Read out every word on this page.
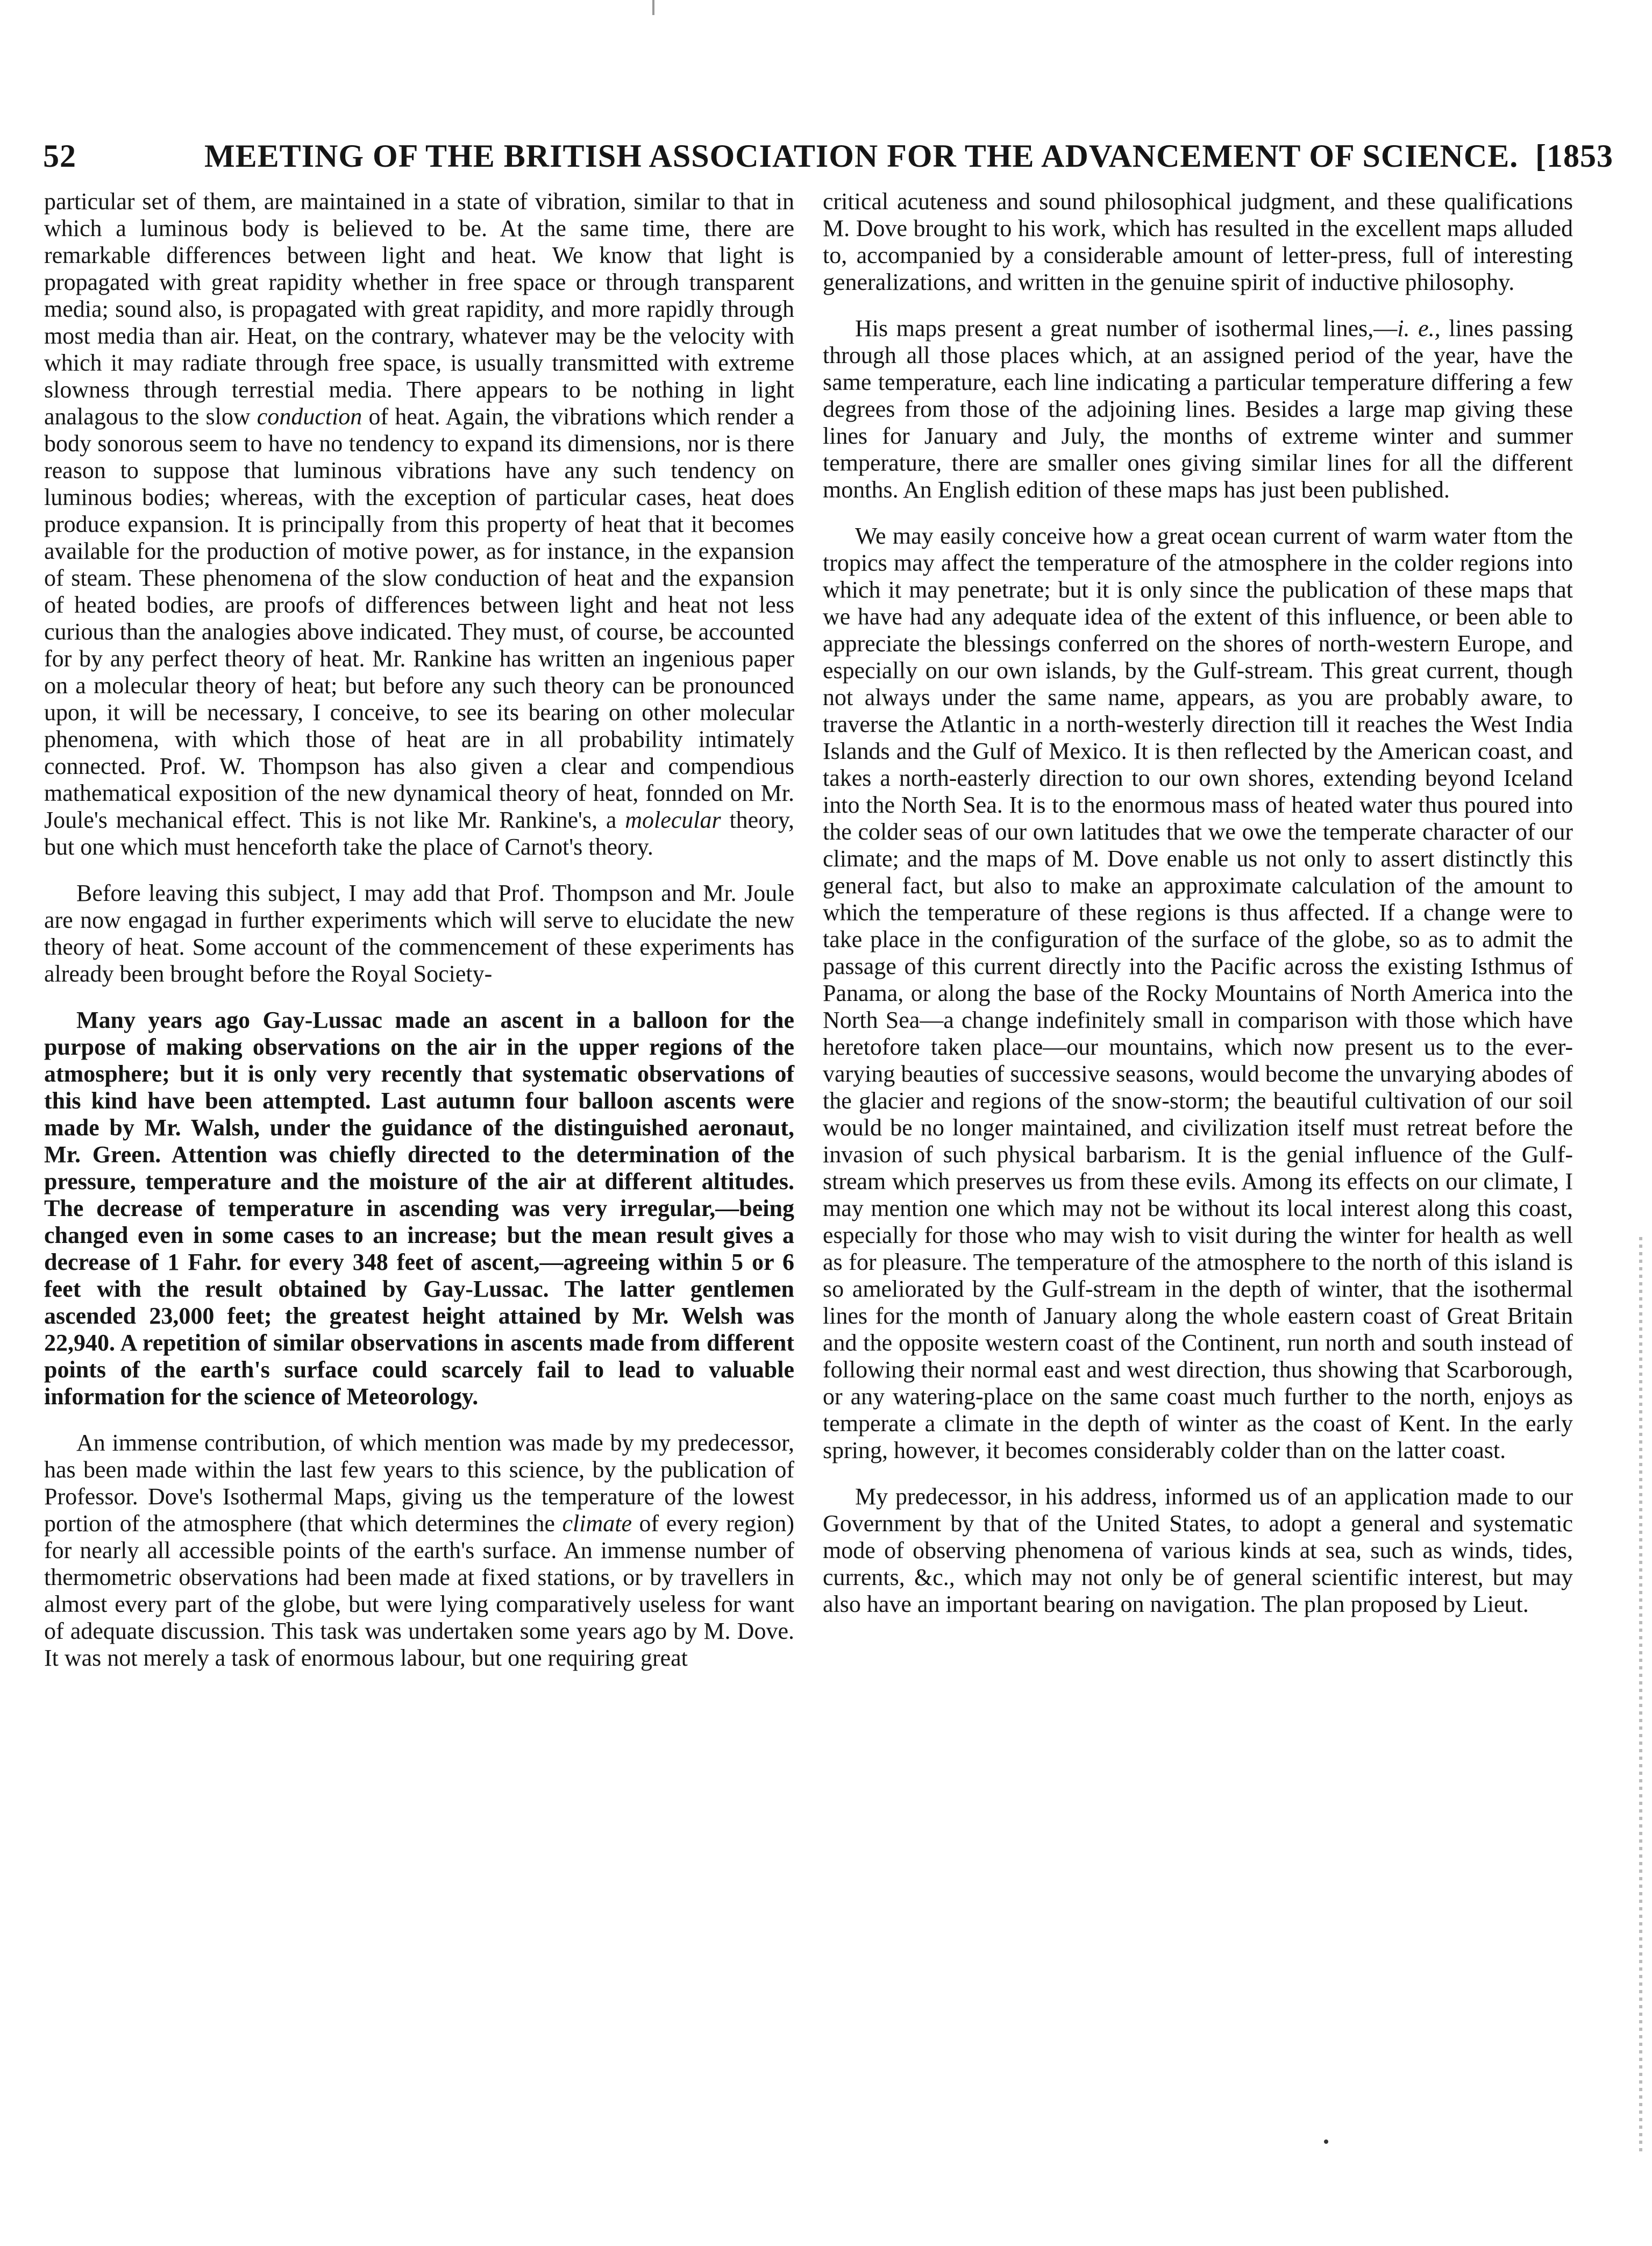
52	MEETING OF THE BRITISH ASSOCIATION FOR THE ADVANCEMENT OF SCIENCE. [1853

particular set of them, are maintained in a state of vibration, similar to that in which a luminous body is believed to be. At the same time, there are remarkable differences between light and heat. We know that light is propagated with great rapidity whether in free space or through transparent media; sound also, is propagated with great rapidity, and more rapidly through most media than air. Heat, on the contrary, whatever may be the velocity with which it may radiate through free space, is usually transmitted with extreme slowness through terrestial media. There appears to be nothing in light analagous to the slow conduction of heat. Again, the vibrations which render a body sonorous seem to have no tendency to expand its dimensions, nor is there reason to suppose that luminous vibrations have any such tendency on luminous bodies; whereas, with the exception of particular cases, heat does produce expansion. It is principally from this property of heat that it becomes available for the production of motive power, as for instance, in the expansion of steam. These phenomena of the slow conduction of heat and the expansion of heated bodies, are proofs of differences between light and heat not less curious than the analogies above indicated. They must, of course, be accounted for by any perfect theory of heat. Mr. Rankine has written an ingenious paper on a molecular theory of heat; but before any such theory can be pronounced upon, it will be necessary, I conceive, to see its bearing on other molecular phenomena, with which those of heat are in all probability intimately connected. Prof. W. Thompson has also given a clear and compendious mathematical exposition of the new dynamical theory of heat, fonnded on Mr. Joule's mechanical effect. This is not like Mr. Rankine's, a molecular theory, but one which must henceforth take the place of Carnot's theory.

Before leaving this subject, I may add that Prof. Thompson and Mr. Joule are now engagad in further experiments which will serve to elucidate the new theory of heat. Some account of the commencement of these experiments has already been brought before the Royal Society-

Many years ago Gay-Lussac made an ascent in a balloon for the purpose of making observations on the air in the upper regions of the atmosphere; but it is only very recently that systematic observations of this kind have been attempted. Last autumn four balloon ascents were made by Mr. Walsh, under the guidance of the distinguished aeronaut, Mr. Green. Attention was chiefly directed to the determination of the pressure, temperature and the moisture of the air at different altitudes. The decrease of temperature in ascending was very irregular,—being changed even in some cases to an increase; but the mean result gives a decrease of 1 Fahr. for every 348 feet of ascent,—agreeing within 5 or 6 feet with the result obtained by Gay-Lussac. The latter gentlemen ascended 23,000 feet; the greatest height attained by Mr. Welsh was 22,940. A repetition of similar observations in ascents made from different points of the earth's surface could scarcely fail to lead to valuable information for the science of Meteorology.

An immense contribution, of which mention was made by my predecessor, has been made within the last few years to this science, by the publication of Professor. Dove's Isothermal Maps, giving us the temperature of the lowest portion of the atmosphere (that which determines the climate of every region) for nearly all accessible points of the earth's surface. An immense number of thermometric observations had been made at fixed stations, or by travellers in almost every part of the globe, but were lying comparatively useless for want of adequate discussion. This task was undertaken some years ago by M. Dove. It was not merely a task of enormous labour, but one requiring great

critical acuteness and sound philosophical judgment, and these qualifications M. Dove brought to his work, which has resulted in the excellent maps alluded to, accompanied by a considerable amount of letter-press, full of interesting generalizations, and written in the genuine spirit of inductive philosophy.

His maps present a great number of isothermal lines,—i. e., lines passing through all those places which, at an assigned period of the year, have the same temperature, each line indicating a particular temperature differing a few degrees from those of the adjoining lines. Besides a large map giving these lines for January and July, the months of extreme winter and summer temperature, there are smaller ones giving similar lines for all the different months. An English edition of these maps has just been published.

We may easily conceive how a great ocean current of warm water ftom the tropics may affect the temperature of the atmosphere in the colder regions into which it may penetrate; but it is only since the publication of these maps that we have had any adequate idea of the extent of this influence, or been able to appreciate the blessings conferred on the shores of north-western Europe, and especially on our own islands, by the Gulf-stream. This great current, though not always under the same name, appears, as you are probably aware, to traverse the Atlantic in a north-westerly direction till it reaches the West India Islands and the Gulf of Mexico. It is then reflected by the American coast, and takes a north-easterly direction to our own shores, extending beyond Iceland into the North Sea. It is to the enormous mass of heated water thus poured into the colder seas of our own latitudes that we owe the temperate character of our climate; and the maps of M. Dove enable us not only to assert distinctly this general fact, but also to make an approximate calculation of the amount to which the temperature of these regions is thus affected. If a change were to take place in the configuration of the surface of the globe, so as to admit the passage of this current directly into the Pacific across the existing Isthmus of Panama, or along the base of the Rocky Mountains of North America into the North Sea—a change indefinitely small in comparison with those which have heretofore taken place—our mountains, which now present us to the ever-varying beauties of successive seasons, would become the unvarying abodes of the glacier and regions of the snow-storm; the beautiful cultivation of our soil would be no longer maintained, and civilization itself must retreat before the invasion of such physical barbarism. It is the genial influence of the Gulf-stream which preserves us from these evils. Among its effects on our climate, I may mention one which may not be without its local interest along this coast, especially for those who may wish to visit during the winter for health as well as for pleasure. The temperature of the atmosphere to the north of this island is so ameliorated by the Gulf-stream in the depth of winter, that the isothermal lines for the month of January along the whole eastern coast of Great Britain and the opposite western coast of the Continent, run north and south instead of following their normal east and west direction, thus showing that Scarborough, or any watering-place on the same coast much further to the north, enjoys as temperate a climate in the depth of winter as the coast of Kent. In the early spring, however, it becomes considerably colder than on the latter coast.

My predecessor, in his address, informed us of an application made to our Government by that of the United States, to adopt a general and systematic mode of observing phenomena of various kinds at sea, such as winds, tides, currents, &c., which may not only be of general scientific interest, but may also have an important bearing on navigation. The plan proposed by Lieut.
